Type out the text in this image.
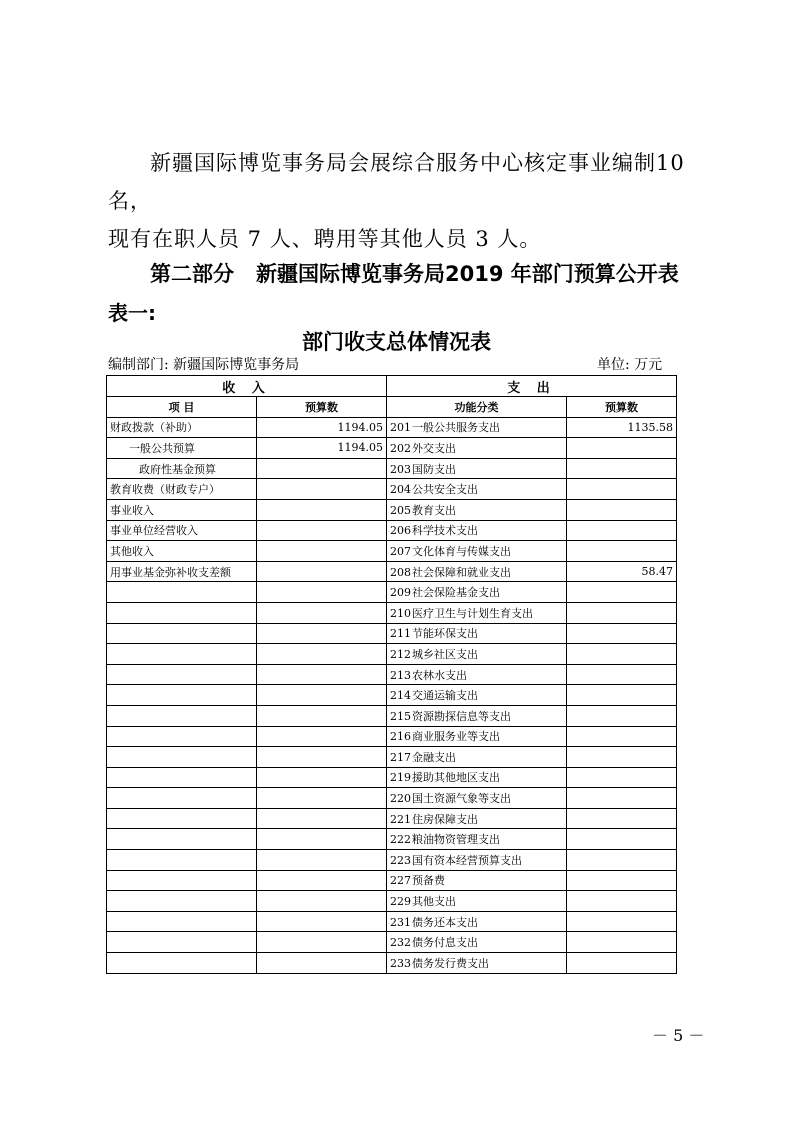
新疆国际博览事务局会展综合服务中心核定事业编制10名，
现有在职人员 7 人、聘用等其他人员 3 人。
第二部分 新疆国际博览事务局2019 年部门预算公开表
表一:
部门收支总体情况表
编制部门: 新疆国际博览事务局	单位: 万元
收 入		支 出	
项 目	预算数	功能分类	预算数
财政拨款（补助）	1194.05	201一般公共服务支出	1135.58
一般公共预算	1194.05	202外交支出	
政府性基金预算		203国防支出	
教育收费（财政专户）		204公共安全支出	
事业收入		205教育支出	
事业单位经营收入		206科学技术支出	
其他收入		207文化体育与传媒支出	
用事业基金弥补收支差额		208社会保障和就业支出	58.47
		209社会保险基金支出	
		210医疗卫生与计划生育支出	
		211节能环保支出	
		212城乡社区支出	
		213农林水支出	
		214交通运输支出	
		215资源勘探信息等支出	
		216商业服务业等支出	
		217金融支出	
		219援助其他地区支出	
		220国土资源气象等支出	
		221住房保障支出	
		222粮油物资管理支出	
		223国有资本经营预算支出	
		227预备费	
		229其他支出	
		231债务还本支出	
		232债务付息支出	
		233债务发行费支出	
－ 5 －
